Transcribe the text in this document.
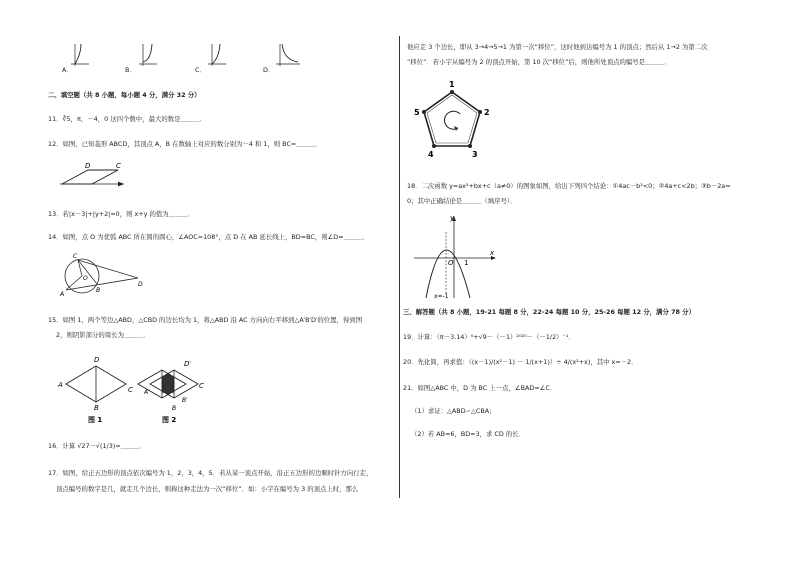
A．	B．	C．	D．
二、填空题（共 8 小题，每小题 4 分，满分 32 分）
11．∛5，π，－4，0 这四个数中，最大的数是＿＿＿．
12．如图，已知菱形 ABCD，其顶点 A，B 在数轴上对应的数分别为－4 和 1，则 BC=＿＿＿．
D	C
13．若|x－3|+|y+2|=0，则 x+y 的值为＿＿＿．
14．如图，点 O 为优弧 ABC 所在圆的圆心，∠AOC=108°，点 D 在 AB 延长线上，BD=BC，则∠D=＿＿＿．
C
O
A
B
D
15．如图 1，两个等边△ABD，△CBD 的边长均为 1，将△ABD 沿 AC 方向向右平移到△A′B′D′的位置，得到图
2，则阴影部分的周长为＿＿＿．
D
A
C
B
图 1
D′
C
A′
B′
B
图 2
16．计算 √27－√(1/3)=＿＿＿．
17．如图，给正五边形的顶点依次编号为 1，2，3，4，5．若从某一顶点开始，沿正五边形的边顺时针方向行走，
顶点编号的数字是几，就走几个边长，则称这种走法为一次“移位”．如：小宇在编号为 3 的顶点上时，那么
他应走 3 个边长，即从 3→4→5→1 为第一次“移位”，这时他到达编号为 1 的顶点；然后从 1→2 为第二次
“移位”．若小宇从编号为 2 的顶点开始，第 10 次“移位”后，则他所处顶点的编号是＿＿＿．
1
2
3
4
5
18．二次函数 y=ax²+bx+c（a≠0）的图象如图，给出下列四个结论：①4ac－b²<0；②4a+c<2b；③b－2a=
0；其中正确结论是＿＿＿（填序号）．
y
O 1
x
x=-1
三、解答题（共 8 小题，19-21 每题 8 分，22-24 每题 10 分，25-26 每题 12 分，满分 78 分）
19．计算：（π－3.14）⁰+√9－（－1）²⁰²⁰－（－1/2）⁻¹．
20．先化简，再求值：（(x－1)/(x²－1) － 1/(x+1)）÷ 4/(x²+x)，其中 x=－2．
21．如图△ABC 中，D 为 BC 上一点，∠BAD=∠C．
（1）求证：△ABD∽△CBA；
（2）若 AB=6，BD=3，求 CD 的长．
